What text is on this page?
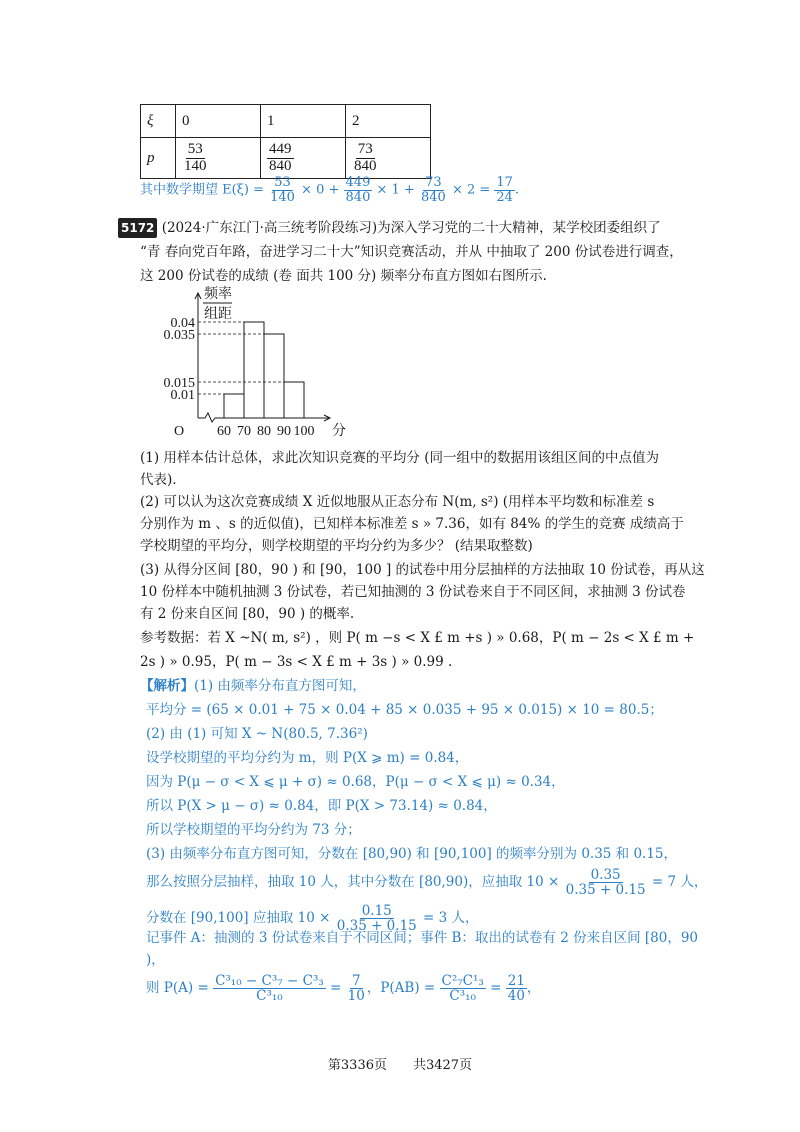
ξ	0	1	2
p	$\frac{53}{140}$	$\frac{449}{840}$	$\frac{73}{840}$
其中数学期望 $E(\xi) = \frac{53}{140} \times 0 + \frac{449}{840} \times 1 + \frac{73}{840} \times 2 = \frac{17}{24}$ .
5172 (2024·广东江门·高三统考阶段练习)为深入学习党的二十大精神，某学校团委组织了
“青 春向党百年路，奋进学习二十大”知识竞赛活动，并从 中抽取了 200 份试卷进行调查，
这 200 份试卷的成绩 (卷 面共 100 分) 频率分布直方图如右图所示.
频率
组距
0.04
0.035
0.015
0.01
60 70 80 90 100 分
O
(1) 用样本估计总体，求此次知识竞赛的平均分 (同一组中的数据用该组区间的中点值为
代表).
(2) 可以认为这次竞赛成绩 X 近似地服从正态分布 N(m, s²) (用样本平均数和标准差 s
分别作为 m 、s 的近似值)，已知样本标准差 s » 7.36，如有 84% 的学生的竞赛 成绩高于
学校期望的平均分，则学校期望的平均分约为多少？ (结果取整数)
(3) 从得分区间 [80，90 ) 和 [90，100 ] 的试卷中用分层抽样的方法抽取 10 份试卷，再从这
10 份样本中随机抽测 3 份试卷，若已知抽测的 3 份试卷来自于不同区间，求抽测 3 份试卷
有 2 份来自区间 [80，90 ) 的概率.
参考数据：若 X ~N( m, s²) ，则 P( m −s < X £ m +s ) » 0.68，P( m − 2s < X £ m +
2s ) » 0.95，P( m − 3s < X £ m + 3s ) » 0.99 .
【解析】(1) 由频率分布直方图可知，
平均分 = (65 × 0.01 + 75 × 0.04 + 85 × 0.035 + 95 × 0.015) × 10 = 80.5；
(2) 由 (1) 可知 X ~ N(80.5, 7.36²)
设学校期望的平均分约为 m，则 P(X ⩾ m) = 0.84，
因为 P(μ − σ < X ⩽ μ + σ) ≈ 0.68，P(μ − σ < X ⩽ μ) ≈ 0.34，
所以 P(X > μ − σ) ≈ 0.84，即 P(X > 73.14) ≈ 0.84，
所以学校期望的平均分约为 73 分；
(3) 由频率分布直方图可知，分数在 [80,90) 和 [90,100] 的频率分别为 0.35 和 0.15，
那么按照分层抽样，抽取 10 人，其中分数在 [80,90)，应抽取 $10 \times \frac{0.35}{0.35 + 0.15} = 7$ 人，
分数在 [90,100] 应抽取 $10 \times \frac{0.15}{0.35 + 0.15} = 3$ 人，
记事件 A：抽测的 3 份试卷来自于不同区间；事件 B：取出的试卷有 2 份来自区间 [80，90
)，
则 $P(A) = \frac{\text{C³₁₀ − C³₇ − C³₃}}{\text{C³₁₀}} = \frac{7}{10}$ ，$P(AB) = \frac{\text{C²₇C¹₃}}{\text{C³₁₀}} = \frac{21}{40}$ ，
第3336页　　共3427页
